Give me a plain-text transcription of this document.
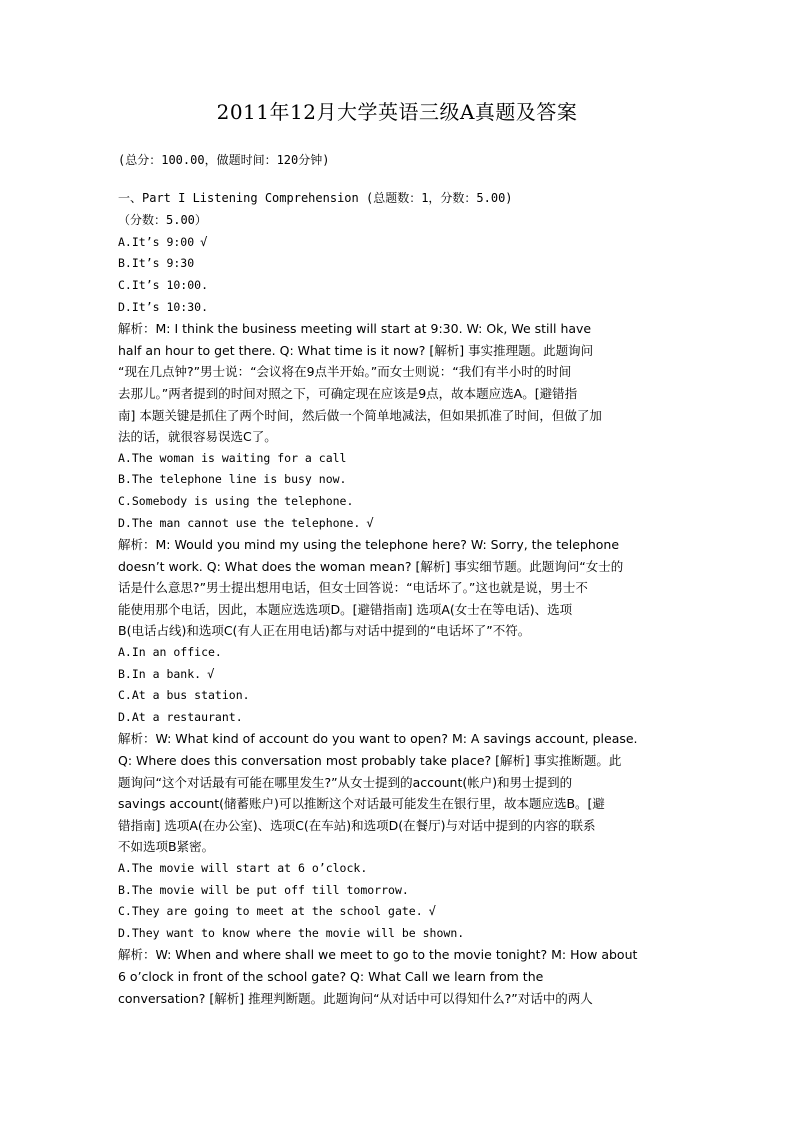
2011年12月大学英语三级A真题及答案
(总分：100.00，做题时间：120分钟)
一、Part I Listening Comprehension (总题数：1，分数：5.00)
（分数：5.00）
A.It’s 9:00 √
B.It’s 9:30
C.It’s 10:00.
D.It’s 10:30.
解析：M: I think the business meeting will start at 9:30. W: Ok, We still have
half an hour to get there. Q: What time is it now? [解析] 事实推理题。此题询问
“现在几点钟?”男士说：“会议将在9点半开始。”而女士则说：“我们有半小时的时间
去那儿。”两者提到的时间对照之下，可确定现在应该是9点，故本题应选A。[避错指
南] 本题关键是抓住了两个时间，然后做一个简单地减法，但如果抓准了时间，但做了加
法的话，就很容易误选C了。
A.The woman is waiting for a call
B.The telephone line is busy now.
C.Somebody is using the telephone.
D.The man cannot use the telephone. √
解析：M: Would you mind my using the telephone here? W: Sorry, the telephone
doesn’t work. Q: What does the woman mean? [解析] 事实细节题。此题询问“女士的
话是什么意思?”男士提出想用电话，但女士回答说：“电话坏了。”这也就是说，男士不
能使用那个电话，因此，本题应选选项D。[避错指南] 选项A(女士在等电话)、选项
B(电话占线)和选项C(有人正在用电话)都与对话中提到的“电话坏了”不符。
A.In an office.
B.In a bank. √
C.At a bus station.
D.At a restaurant.
解析：W: What kind of account do you want to open? M: A savings account, please.
Q: Where does this conversation most probably take place? [解析] 事实推断题。此
题询问“这个对话最有可能在哪里发生?”从女士提到的account(帐户)和男士提到的
savings account(储蓄账户)可以推断这个对话最可能发生在银行里，故本题应选B。[避
错指南] 选项A(在办公室)、选项C(在车站)和选项D(在餐厅)与对话中提到的内容的联系
不如选项B紧密。
A.The movie will start at 6 o’clock.
B.The movie will be put off till tomorrow.
C.They are going to meet at the school gate. √
D.They want to know where the movie will be shown.
解析：W: When and where shall we meet to go to the movie tonight? M: How about
6 o’clock in front of the school gate? Q: What Call we learn from the
conversation? [解析] 推理判断题。此题询问“从对话中可以得知什么?”对话中的两人
